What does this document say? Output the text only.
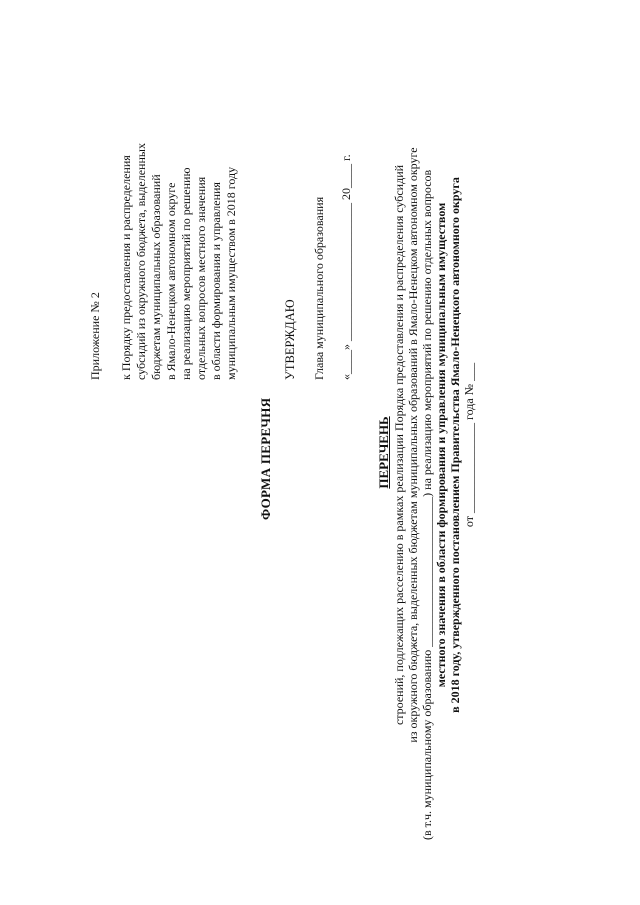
Приложение № 2 к Порядку предоставления и распределения субсидий из окружного бюджета, выделенных бюджетам муниципальных образований в Ямало-Ненецком автономном округе на реализацию мероприятий по решению отдельных вопросов местного значения в области формирования и управления муниципальным имуществом в 2018 году
ФОРМА ПЕРЕЧНЯ
УТВЕРЖДАЮ Глава муниципального образования «____» _______________________ 20____ г.
ПЕРЕЧЕНЬ строений, подлежащих расселению в рамках реализации Порядка предоставления и распределения субсидий из окружного бюджета, выделенных бюджетам муниципальных образований в Ямало-Ненецком автономном округе (в т.ч. муниципальному образованию _________________________) на реализацию мероприятий по решению отдельных вопросов местного значения в области формирования и управления муниципальным имуществом в 2018 году, утвержденного постановлением Правительства Ямало-Ненецкого автономного округа от _______________ года № ___
